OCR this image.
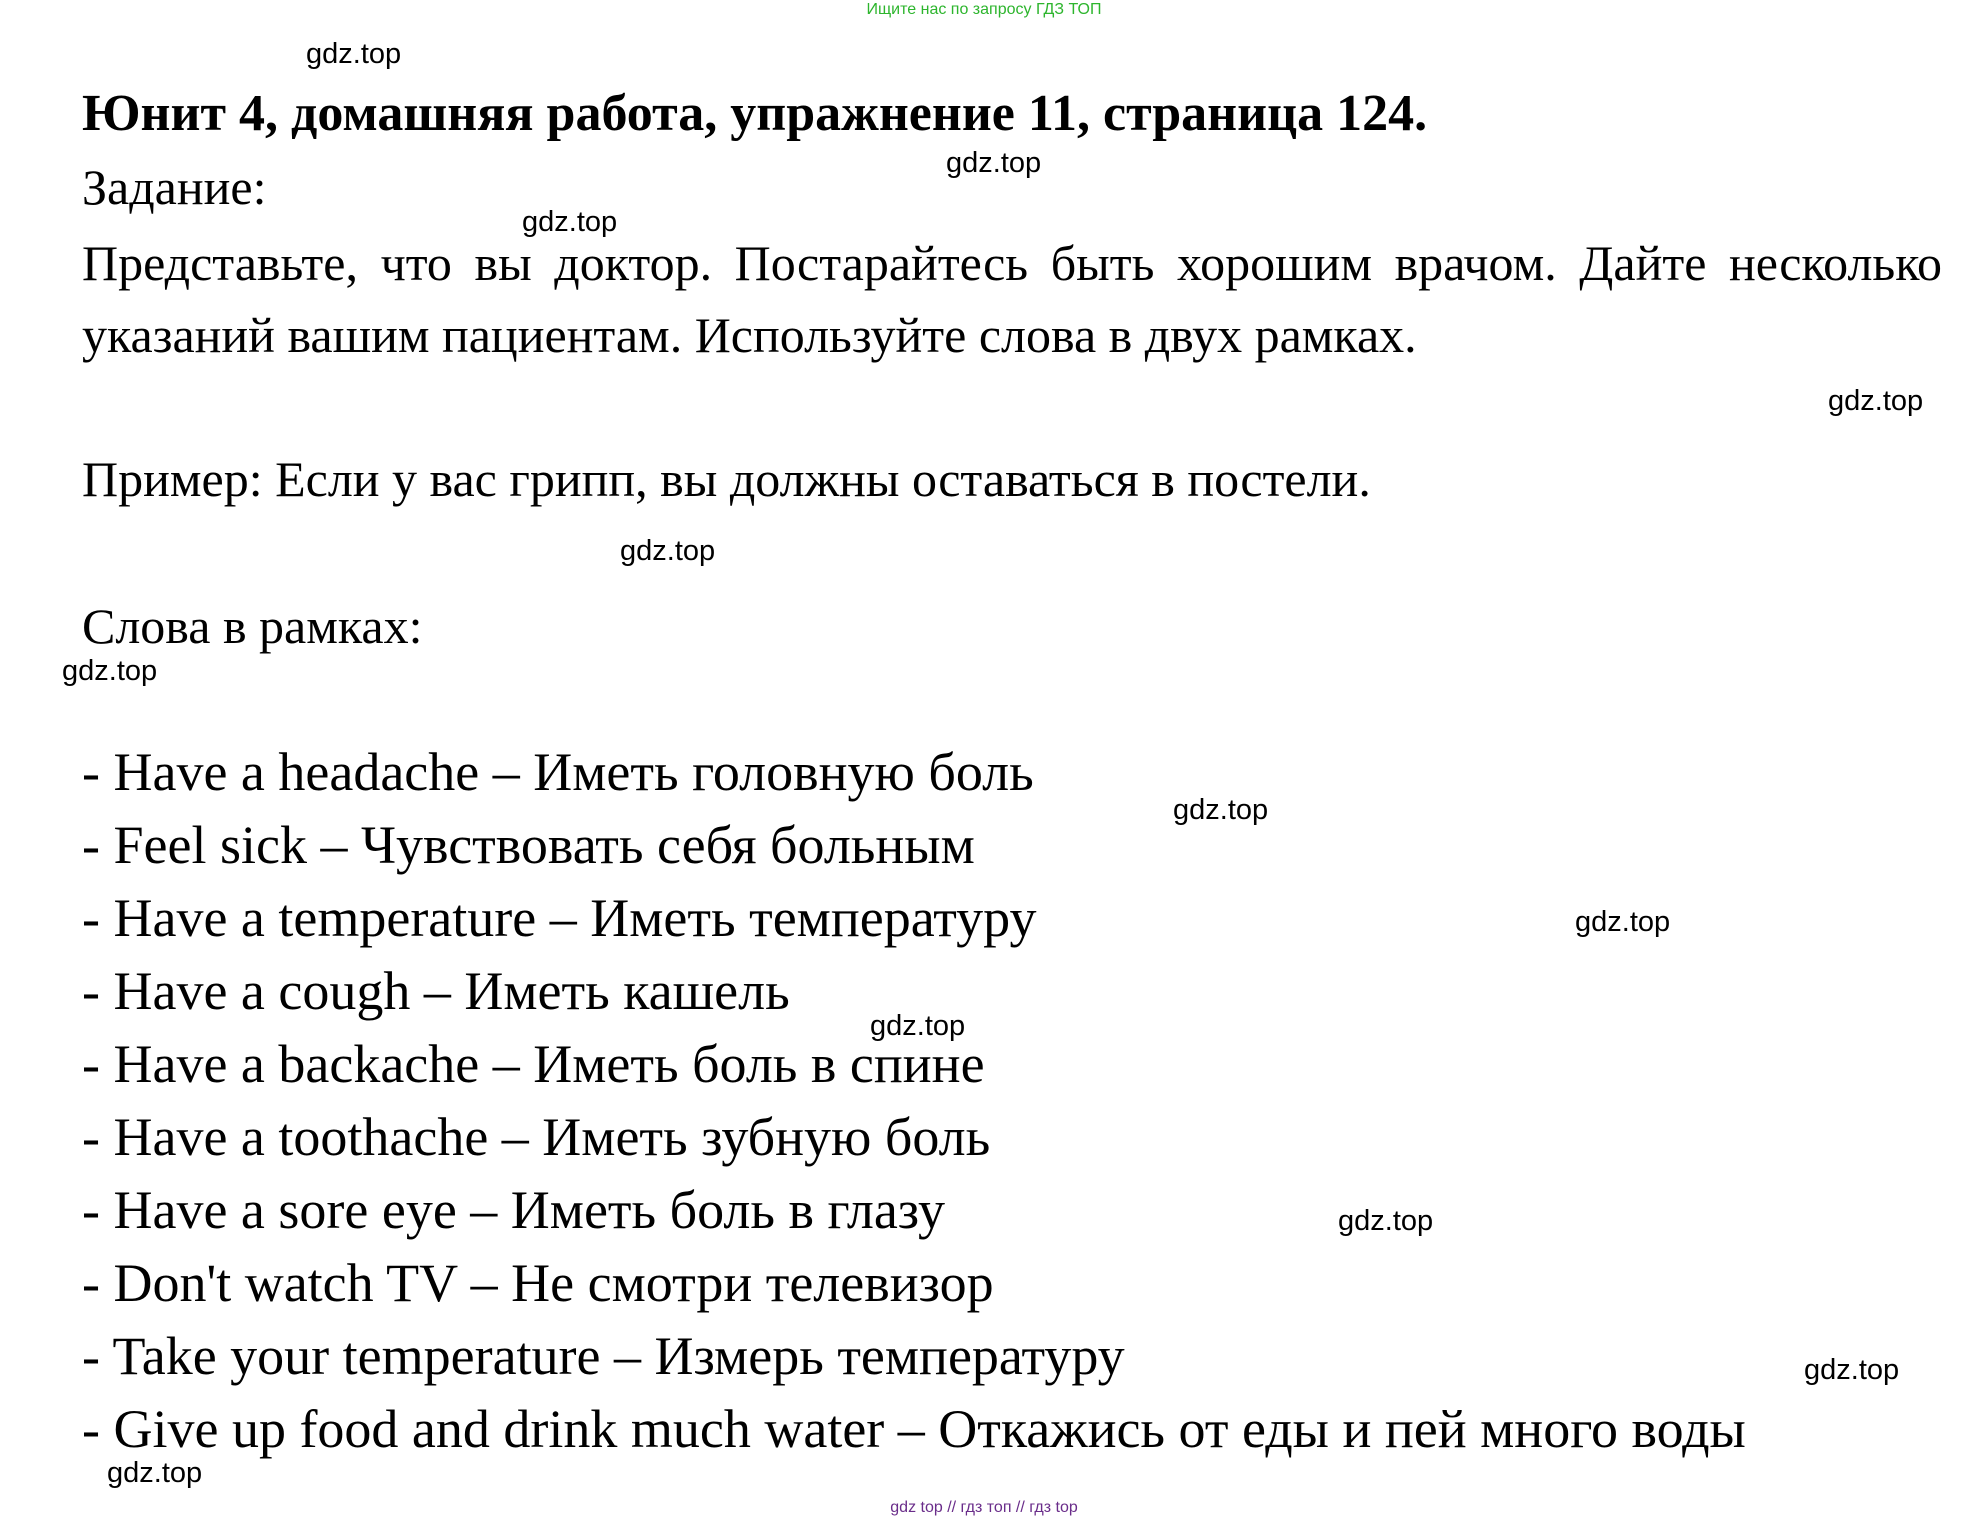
Ищите нас по запросу ГДЗ ТОП
Юнит 4, домашняя работа, упражнение 11, страница 124.
Задание:
Представьте, что вы доктор. Постарайтесь быть хорошим врачом. Дайте несколько указаний вашим пациентам. Используйте слова в двух рамках.
Пример: Если у вас грипп, вы должны оставаться в постели.
Слова в рамках:
- Have a headache – Иметь головную боль
- Feel sick – Чувствовать себя больным
- Have a temperature – Иметь температуру
- Have a cough – Иметь кашель
- Have a backache – Иметь боль в спине
- Have a toothache – Иметь зубную боль
- Have a sore eye – Иметь боль в глазу
- Don't watch TV – Не смотри телевизор
- Take your temperature – Измерь температуру
- Give up food and drink much water – Откажись от еды и пей много воды
gdz.top
gdz.top
gdz.top
gdz.top
gdz.top
gdz.top
gdz.top
gdz.top
gdz.top
gdz.top
gdz.top
gdz.top
gdz top // гдз топ // гдз top
